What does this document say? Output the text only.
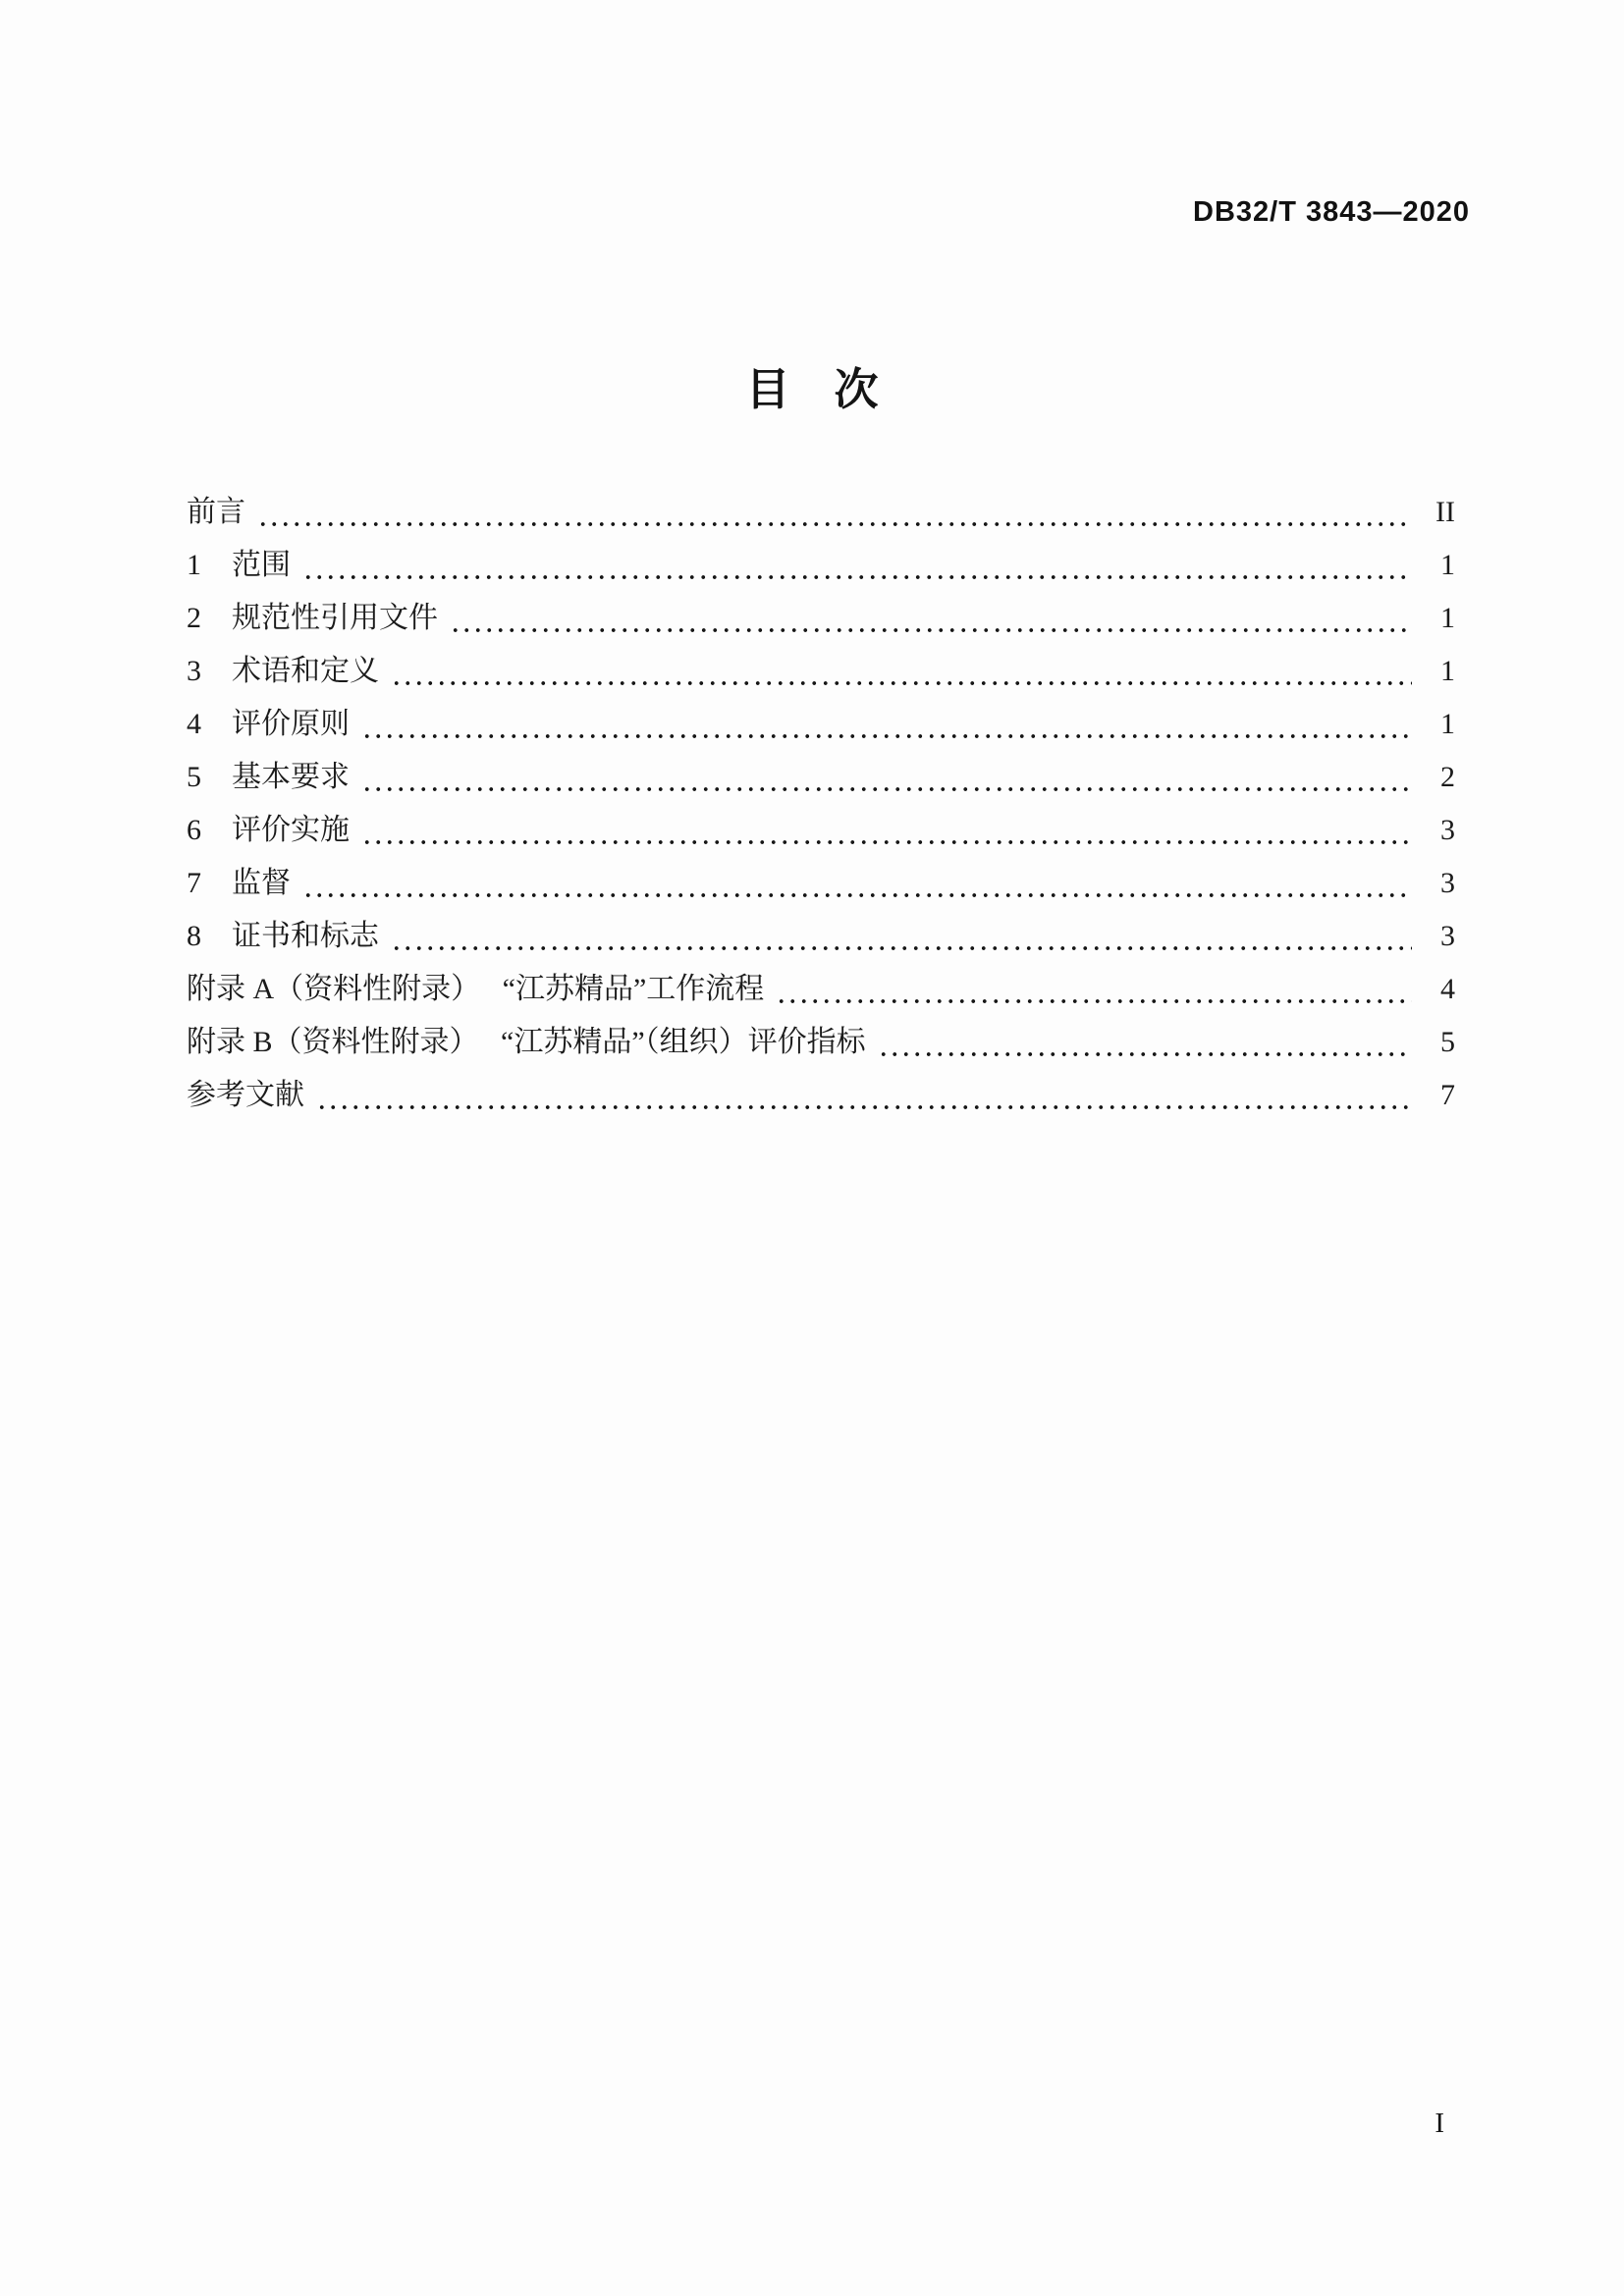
DB32/T 3843—2020
目　次
前言	II
1	范围	1
2	规范性引用文件	1
3	术语和定义	1
4	评价原则	1
5	基本要求	2
6	评价实施	3
7	监督	3
8	证书和标志	3
附录 A（资料性附录）　 “江苏精品”工作流程	4
附录 B（资料性附录）　 “江苏精品”（组织）评价指标	5
参考文献	7
I
